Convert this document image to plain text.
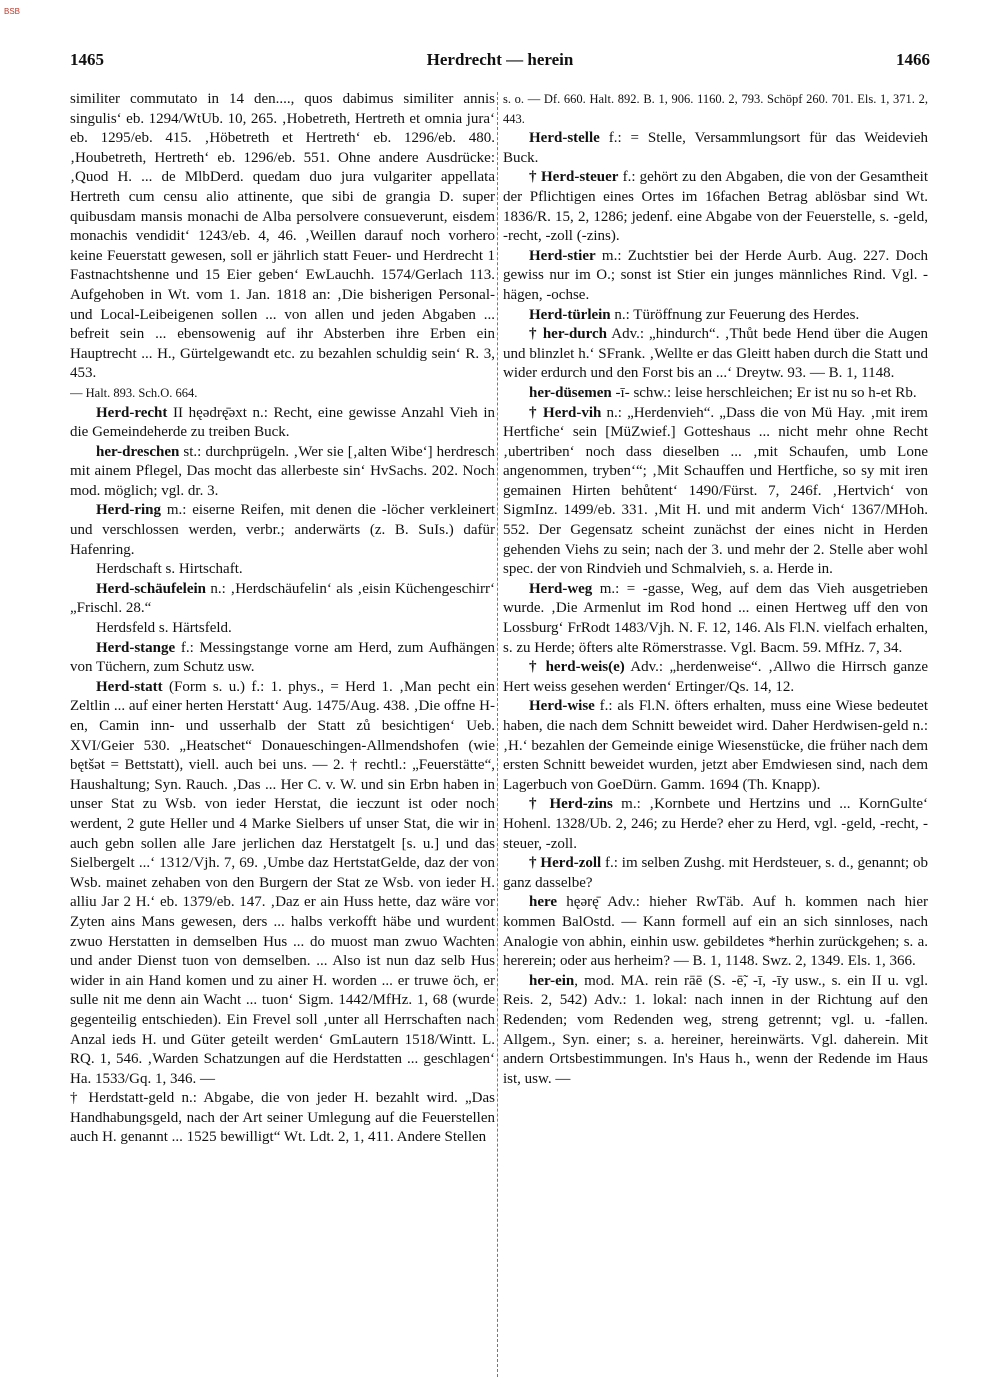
BSB
1465	Herdrecht — herein	1466

similiter commutato in 14 den...., quos dabimus similiter annis singulis‘ eb. 1294/WtUb. 10, 265. ‚Hobetreth, Hertreth et omnia jura‘ eb. 1295/eb. 415. ‚Höbetreth et Hertreth‘ eb. 1296/eb. 480. ‚Houbetreth, Hertreth‘ eb. 1296/eb. 551. Ohne andere Ausdrücke: ‚Quod H. ... de MlbDerd. quedam duo jura vulgariter appellata Hertreth cum censu alio attinente, que sibi de grangia D. super quibusdam mansis monachi de Alba persolvere consueverunt, eisdem monachis vendidit‘ 1243/eb. 4, 46. ‚Weillen darauf noch vorhero keine Feuerstatt gewesen, soll er jährlich statt Feuer- und Herdrecht 1 Fastnachtshenne und 15 Eier geben‘ EwLauchh. 1574/Gerlach 113. Aufgehoben in Wt. vom 1. Jan. 1818 an: ‚Die bisherigen Personal- und Local-Leibeigenen sollen ... von allen und jeden Abgaben ... befreit sein ... ebensowenig auf ihr Absterben ihre Erben ein Hauptrecht ... H., Gürtelgewandt etc. zu bezahlen schuldig sein‘ R. 3, 453.

— Halt. 893. Sch.O. 664.

Herd-recht II hęədrę̄əxt n.: Recht, eine gewisse Anzahl Vieh in die Gemeindeherde zu treiben Buck.

her-dreschen st.: durchprügeln. ‚Wer sie [‚alten Wibe‘] herdresch mit ainem Pflegel, Das mocht das allerbeste sin‘ HvSachs. 202. Noch mod. möglich; vgl. dr. 3.

Herd-ring m.: eiserne Reifen, mit denen die -löcher verkleinert und verschlossen werden, verbr.; anderwärts (z. B. SuIs.) dafür Hafenring.

Herdschaft s. Hirtschaft.

Herd-schäufelein n.: ‚Herdschäufelin‘ als ‚eisin Küchengeschirr‘ „Frischl. 28.“

Herdsfeld s. Härtsfeld.

Herd-stange f.: Messingstange vorne am Herd, zum Aufhängen von Tüchern, zum Schutz usw.

Herd-statt (Form s. u.) f.: 1. phys., = Herd 1. ‚Man pecht ein Zeltlin ... auf einer herten Herstatt‘ Aug. 1475/Aug. 438. ‚Die offne H-en, Camin inn- und usserhalb der Statt zů besichtigen‘ Ueb. XVI/Geier 530. „Heatschet“ Donaueschingen-Allmendshofen (wie bętšət = Bettstatt), viell. auch bei uns. — 2. † rechtl.: „Feuerstätte“, Haushaltung; Syn. Rauch. ‚Das ... Her C. v. W. und sin Erbn haben in unser Stat zu Wsb. von ieder Herstat, die ieczunt ist oder noch werdent, 2 gute Heller und 4 Marke Sielbers uf unser Stat, die wir in auch gebn sollen alle Jare jerlichen daz Herstatgelt [s. u.] und das Sielbergelt ...‘ 1312/Vjh. 7, 69. ‚Umbe daz HertstatGelde, daz der von Wsb. mainet zehaben von den Burgern der Stat ze Wsb. von ieder H. alliu Jar 2 H.‘ eb. 1379/eb. 147. ‚Daz er ain Huss hette, daz wäre vor Zyten ains Mans gewesen, ders ... halbs verkofft häbe und wurdent zwuo Herstatten in demselben Hus ... do muost man zwuo Wachten und ander Dienst tuon von demselben. ... Also ist nun daz selb Hus wider in ain Hand komen und zu ainer H. worden ... er truwe öch, er sulle nit me denn ain Wacht ... tuon‘ Sigm. 1442/MfHz. 1, 68 (wurde gegenteilig entschieden). Ein Frevel soll ‚unter all Herrschaften nach Anzal ieds H. und Güter geteilt werden‘ GmLautern 1518/Wintt. L. RQ. 1, 546. ‚Warden Schatzungen auf die Herdstatten ... geschlagen‘ Ha. 1533/Gq. 1, 346. —

† Herdstatt-geld n.: Abgabe, die von jeder H. bezahlt wird. „Das Handhabungsgeld, nach der Art seiner Umlegung auf die Feuerstellen auch H. genannt ... 1525 bewilligt“ Wt. Ldt. 2, 1, 411. Andere Stellen

s. o. — Df. 660. Halt. 892. B. 1, 906. 1160. 2, 793. Schöpf 260. 701. Els. 1, 371. 2, 443.

Herd-stelle f.: = Stelle, Versammlungsort für das Weidevieh Buck.

† Herd-steuer f.: gehört zu den Abgaben, die von der Gesamtheit der Pflichtigen eines Ortes im 16fachen Betrag ablösbar sind Wt. 1836/R. 15, 2, 1286; jedenf. eine Abgabe von der Feuerstelle, s. -geld, -recht, -zoll (-zins).

Herd-stier m.: Zuchtstier bei der Herde Aurb. Aug. 227. Doch gewiss nur im O.; sonst ist Stier ein junges männliches Rind. Vgl. -hägen, -ochse.

Herd-türlein n.: Türöffnung zur Feuerung des Herdes.

† her-durch Adv.: „hindurch“. ‚Thůt bede Hend über die Augen und blinzlet h.‘ SFrank. ‚Wellte er das Gleitt haben durch die Statt und wider erdurch und den Forst bis an ...‘ Dreytw. 93. — B. 1, 1148.

her-düsemen -ī- schw.: leise herschleichen; Er ist nu so h-et Rb.

† Herd-vih n.: „Herdenvieh“. „Dass die von Mü Hay. ‚mit irem Hertfiche‘ sein [MüZwief.] Gotteshaus ... nicht mehr ohne Recht ‚ubertriben‘ noch dass dieselben ... ‚mit Schaufen, umb Lone angenommen, tryben‘“; ‚Mit Schauffen und Hertfiche, so sy mit iren gemainen Hirten behůtent‘ 1490/Fürst. 7, 246f. ‚Hertvich‘ von SigmInz. 1499/eb. 331. ‚Mit H. und mit anderm Vich‘ 1367/MHoh. 552. Der Gegensatz scheint zunächst der eines nicht in Herden gehenden Viehs zu sein; nach der 3. und mehr der 2. Stelle aber wohl spec. der von Rindvieh und Schmalvieh, s. a. Herde in.

Herd-weg m.: = -gasse, Weg, auf dem das Vieh ausgetrieben wurde. ‚Die Armenlut im Rod hond ... einen Hertweg uff den von Lossburg‘ FrRodt 1483/Vjh. N. F. 12, 146. Als Fl.N. vielfach erhalten, s. zu Herde; öfters alte Römerstrasse. Vgl. Bacm. 59. MfHz. 7, 34.

† herd-weis(e) Adv.: „herdenweise“. ‚Allwo die Hirrsch ganze Hert weiss gesehen werden‘ Ertinger/Qs. 14, 12.

Herd-wise f.: als Fl.N. öfters erhalten, muss eine Wiese bedeutet haben, die nach dem Schnitt beweidet wird. Daher Herdwisen-geld n.: ‚H.‘ bezahlen der Gemeinde einige Wiesenstücke, die früher nach dem ersten Schnitt beweidet wurden, jetzt aber Emdwiesen sind, nach dem Lagerbuch von GoeDürn. Gamm. 1694 (Th. Knapp).

† Herd-zins m.: ‚Kornbete und Hertzins und ... KornGulte‘ Hohenl. 1328/Ub. 2, 246; zu Herde? eher zu Herd, vgl. -geld, -recht, -steuer, -zoll.

† Herd-zoll f.: im selben Zushg. mit Herdsteuer, s. d., genannt; ob ganz dasselbe?

here hęərę̄ Adv.: hieher RwTäb. Auf h. kommen nach hier kommen BalOstd. — Kann formell auf ein an sich sinnloses, nach Analogie von abhin, einhin usw. gebildetes *herhin zurückgehen; s. a. hererein; oder aus herheim? — B. 1, 1148. Swz. 2, 1349. Els. 1, 366.

her-ein, mod. MA. rein rāē (S. -ē̃, -ī, -īy usw., s. ein II u. vgl. Reis. 2, 542) Adv.: 1. lokal: nach innen in der Richtung auf den Redenden; vom Redenden weg, streng getrennt; vgl. u. -fallen. Allgem., Syn. einer; s. a. hereiner, hereinwärts. Vgl. daherein. Mit andern Ortsbestimmungen. In's Haus h., wenn der Redende im Haus ist, usw. —
